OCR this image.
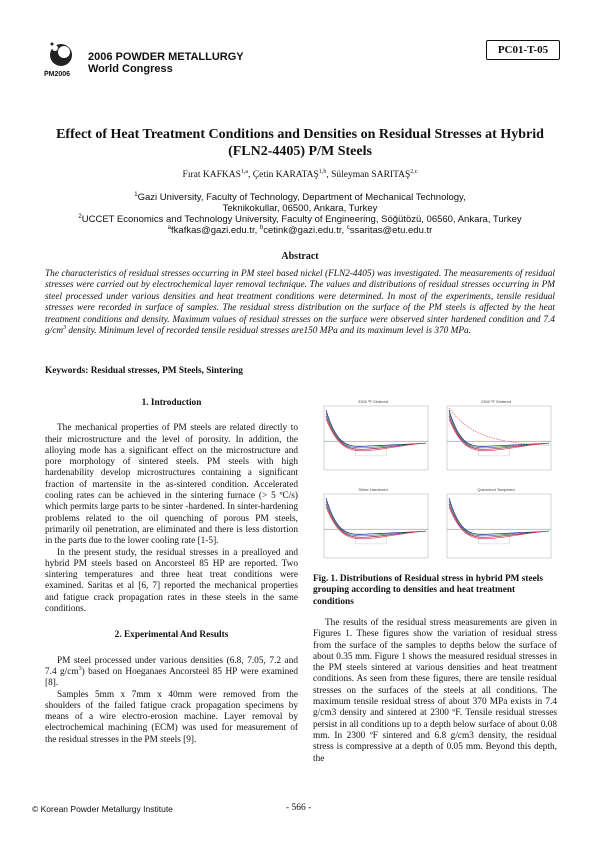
ṖM2006
2006 POWDER METALLURGY
World Congress
PC01-T-05
Effect of Heat Treatment Conditions and Densities on Residual Stresses at Hybrid
(FLN2-4405) P/M Steels
Fırat KAFKAS$^{1,a}$, Çetin KARATAŞ$^{1,b}$, Süleyman SARITAŞ$^{2,c}$
$^1$Gazi University, Faculty of Technology, Department of Mechanical Technology,
Teknikokullar, 06500, Ankara, Turkey
$^2$UCCET Economics and Technology University, Faculty of Engineering, Söğütözü, 06560, Ankara, Turkey
$^a$fkafkas@gazi.edu.tr, $^b$cetink@gazi.edu.tr, $^c$ssaritas@etu.edu.tr
Abstract
The characteristics of residual stresses occurring in PM steel based nickel (FLN2-4405) was investigated. The measurements of residual stresses were carried out by electrochemical layer removal technique. The values and distributions of residual stresses occurring in PM steel processed under various densities and heat treatment conditions were determined. In most of the experiments, tensile residual stresses were recorded in surface of samples. The residual stress distribution on the surface of the PM steels is affected by the heat treatment conditions and density. Maximum values of residual stresses on the surface were observed sinter hardened condition and 7.4 $g/cm^3$ density. Minimum level of recorded tensile residual stresses are150 MPa and its maximum level is 370 MPa.
Keywords: Residual stresses, PM Steels, Sintering
1. Introduction

The mechanical properties of PM steels are related directly to their microstructure and the level of porosity. In addition, the alloying mode has a significant effect on the microstructure and pore morphology of sintered steels. PM steels with high hardenability develop microstructures containing a significant fraction of martensite in the as-sintered condition. Accelerated cooling rates can be achieved in the sintering furnace (> 5 ºC/s) which permits large parts to be sinter -hardened. In sinter-hardening problems related to the oil quenching of porous PM steels, primarily oil penetration, are eliminated and there is less distortion in the parts due to the lower cooling rate [1-5].

In the present study, the residual stresses in a prealloyed and hybrid PM steels based on Ancorsteel 85 HP are reported. Two sintering temperatures and three heat treat conditions were examined. Saritas et al [6, 7] reported the mechanical properties and fatigue crack propagation rates in these steels in the same conditions.

2. Experimental And Results

PM steel processed under various densities (6.8, 7.05, 7.2 and 7.4 $g/cm^3$) based on Hoeganaes Ancorsteel 85 HP were examined [8].

Samples 5mm x 7mm x 40mm were removed from the shoulders of the failed fatigue crack propagation specimens by means of a wire electro-erosion machine. Layer removal by electrochemical machining (ECM) was used for measurement of the residual stresses in the PM steels [9].

2300 ºF Sintered	2300 ºF Sintered
Sinter Hardened	Quenched Tempered
Fig. 1. Distributions of Residual stress in hybrid PM steels grouping according to densities and heat treatment conditions

The results of the residual stress measurements are given in Figures 1. These figures show the variation of residual stress from the surface of the samples to depths below the surface of about 0.35 mm. Figure 1 shows the measured residual stresses in the PM steels sintered at various densities and heat treatment conditions. As seen from these figures, there are tensile residual stresses on the surfaces of the steels at all conditions. The maximum tensile residual stress of about 370 MPa exists in 7.4 g/cm3 density and sintered at 2300 ºF. Tensile residual stresses persist in all conditions up to a depth below surface of about 0.08 mm. In 2300 ºF sintered and 6.8 g/cm3 density, the residual stress is compressive at a depth of 0.05 mm. Beyond this depth, the

© Korean Powder Metallurgy Institute	- 566 -
